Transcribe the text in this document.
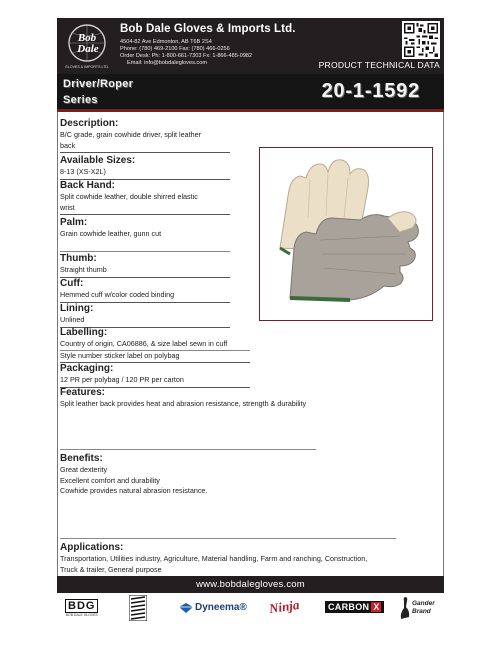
Bob
Dale
GLOVES & IMPORTS LTD.
Bob Dale Gloves & Imports Ltd.
4504-82 Ave Edmonton, AB T6B 2S4
Phone: (780) 469-2100 Fax: (780) 466-0256
Order Desk: Ph: 1-800-661-7303 Fx: 1-866-485-0982
Email: info@bobdalegloves.com	PRODUCT TECHNICAL DATA
Driver/Roper
Series	20-1-1592
Description:

B/C grade, grain cowhide driver, split leather

back

Available Sizes:

8-13 (XS-X2L)

Back Hand:

Split cowhide leather, double shirred elastic

wrist

Palm:

Grain cowhide leather, gunn cut

Thumb:

Straight thumb

Cuff:

Hemmed cuff w/color coded binding

Lining:

Unlined

Labelling:

Country of origin, CA06886, & size label sewn in cuff

Style number sticker label on polybag

Packaging:

12 PR per polybag / 120 PR per carton

Features:

Split leather back provides heat and abrasion resistance, strength & durability

Benefits:

Great dexterity

Excellent comfort and durability

Cowhide provides natural abrasion resistance.

Applications:

Transportation, Utilities industry, Agriculture, Material handling, Farm and ranching, Construction,

Truck & trailer, General purpose

www.bobdalegloves.com
BDG
BOB DALE GLOVES
Dyneema® Ninja	CARBON X	Gander
Brand
